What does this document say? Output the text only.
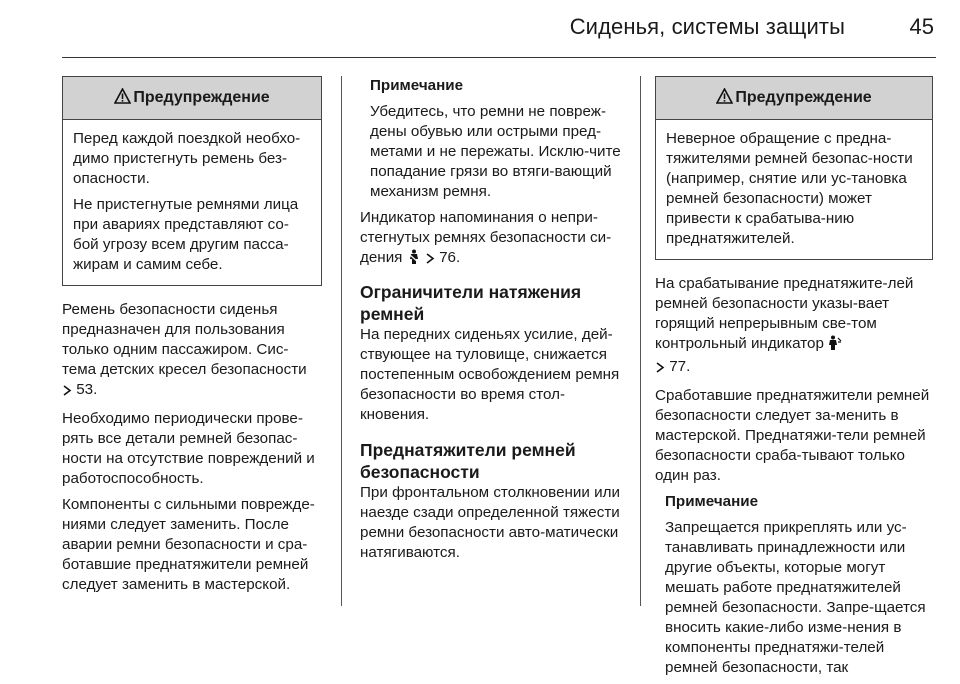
Сиденья, системы защиты	45
Предупреждение

Перед каждой поездкой необхо-димо пристегнуть ремень без-опасности.

Не пристегнутые ремнями лица при авариях представляют со-бой угрозу всем другим пасса-жирам и самим себе.

Ремень безопасности сиденья предназначен для пользования только одним пассажиром. Сис-тема детских кресел безопасности
53.

Необходимо периодически прове-рять все детали ремней безопас-ности на отсутствие повреждений и работоспособность.

Компоненты с сильными поврежде-ниями следует заменить. После аварии ремни безопасности и сра-ботавшие преднатяжители ремней следует заменить в мастерской.

Примечание

Убедитесь, что ремни не повреж-дены обувью или острыми пред-метами и не пережаты. Исклю-чите попадание грязи во втяги-вающий механизм ремня.

Индикатор напоминания о непри-стегнутых ремнях безопасности си-дения 76.

Ограничители натяжения ремней

На передних сиденьях усилие, дей-ствующее на туловище, снижается постепенным освобождением ремня безопасности во время стол-кновения.

Преднатяжители ремней безопасности

При фронтальном столкновении или наезде сзади определенной тяжести ремни безопасности авто-матически натягиваются.

Предупреждение

Неверное обращение с предна-тяжителями ремней безопас-ности (например, снятие или ус-тановка ремней безопасности) может привести к срабатыва-нию преднатяжителей.

На срабатывание преднатяжите-лей ремней безопасности указы-вает горящий непрерывным све-том контрольный индикатор
77.

Сработавшие преднатяжители ремней безопасности следует за-менить в мастерской. Преднатяжи-тели ремней безопасности сраба-тывают только один раз.

Примечание

Запрещается прикреплять или ус-танавливать принадлежности или другие объекты, которые могут мешать работе преднатяжителей ремней безопасности. Запре-щается вносить какие-либо изме-нения в компоненты преднатяжи-телей ремней безопасности, так
